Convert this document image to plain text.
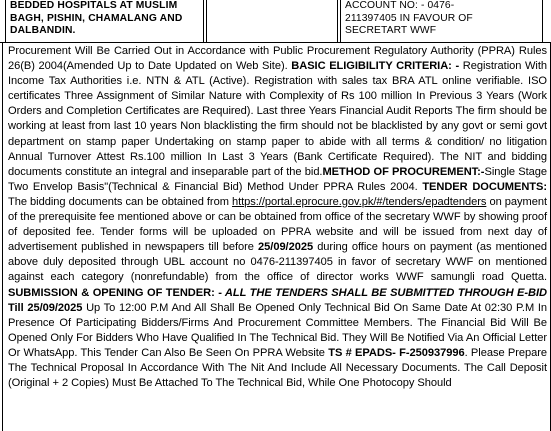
BEDDED HOSPITALS AT MUSLIM
BAGH, PISHIN, CHAMALANG AND
DALBANDIN.
ACCOUNT NO: - 0476-
211397405 IN FAVOUR OF
SECRETART WWF
Procurement Will Be Carried Out in Accordance with Public Procurement Regulatory Authority (PPRA) Rules 26(B) 2004(Amended Up to Date Updated on Web Site). BASIC ELIGIBILITY CRITERIA: - Registration With Income Tax Authorities i.e. NTN & ATL (Active). Registration with sales tax BRA ATL online verifiable. ISO certificates Three Assignment of Similar Nature with Complexity of Rs 100 million In Previous 3 Years (Work Orders and Completion Certificates are Required). Last three Years Financial Audit Reports The firm should be working at least from last 10 years Non blacklisting the firm should not be blacklisted by any govt or semi govt department on stamp paper Undertaking on stamp paper to abide with all terms & condition/ no litigation Annual Turnover Attest Rs.100 million In Last 3 Years (Bank Certificate Required). The NIT and bidding documents constitute an integral and inseparable part of the bid.METHOD OF PROCUREMENT:-Single Stage Two Envelop Basis"(Technical & Financial Bid) Method Under PPRA Rules 2004. TENDER DOCUMENTS: The bidding documents can be obtained from https://portal.eprocure.gov.pk/#/tenders/epadtenders on payment of the prerequisite fee mentioned above or can be obtained from office of the secretary WWF by showing proof of deposited fee. Tender forms will be uploaded on PPRA website and will be issued from next day of advertisement published in newspapers till before 25/09/2025 during office hours on payment (as mentioned above duly deposited through UBL account no 0476-211397405 in favor of secretary WWF on mentioned against each category (nonrefundable) from the office of director works WWF samungli road Quetta. SUBMISSION & OPENING OF TENDER: - ALL THE TENDERS SHALL BE SUBMITTED THROUGH E-BID Till 25/09/2025 Up To 12:00 P.M And All Shall Be Opened Only Technical Bid On Same Date At 02:30 P.M In Presence Of Participating Bidders/Firms And Procurement Committee Members. The Financial Bid Will Be Opened Only For Bidders Who Have Qualified In The Technical Bid. They Will Be Notified Via An Official Letter Or WhatsApp. This Tender Can Also Be Seen On PPRA Website TS # EPADS- F-250937996. Please Prepare The Technical Proposal In Accordance With The Nit And Include All Necessary Documents. The Call Deposit (Original + 2 Copies) Must Be Attached To The Technical Bid, While One Photocopy Should
